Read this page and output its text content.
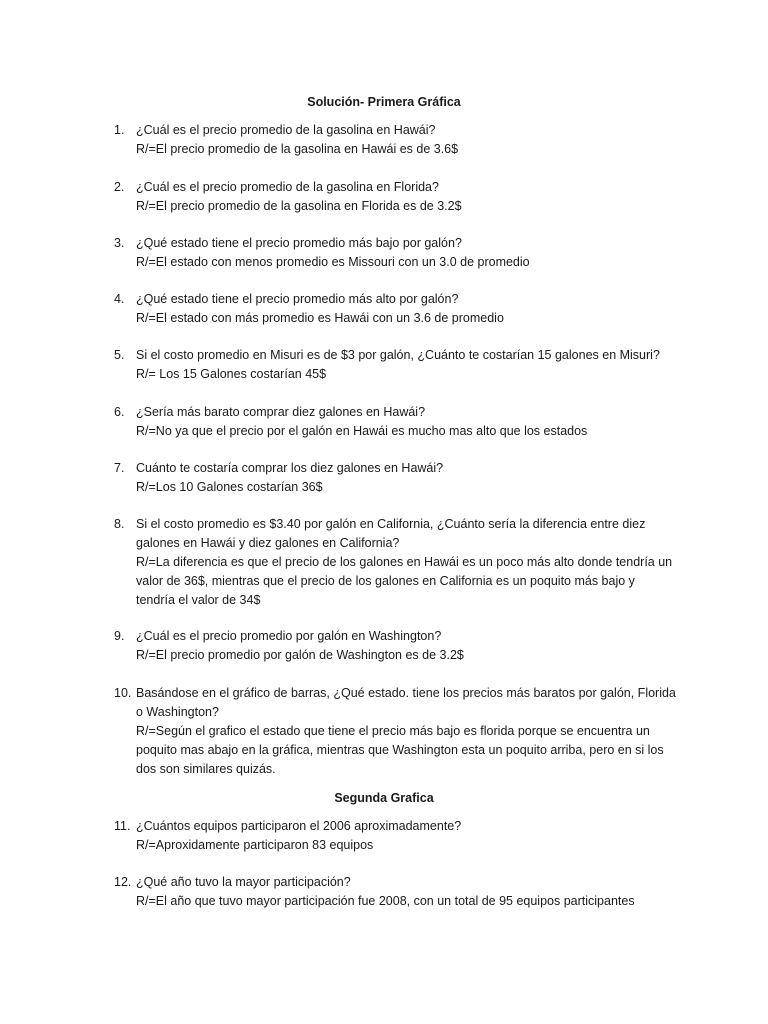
Solución- Primera Gráfica
1. ¿Cuál es el precio promedio de la gasolina en Hawái?
R/=El precio promedio de la gasolina en Hawái es de 3.6$
2. ¿Cuál es el precio promedio de la gasolina en Florida?
R/=El precio promedio de la gasolina en Florida es de 3.2$
3. ¿Qué estado tiene el precio promedio más bajo por galón?
R/=El estado con menos promedio es Missouri con un 3.0 de promedio
4. ¿Qué estado tiene el precio promedio más alto por galón?
R/=El estado con más promedio es Hawái con un 3.6 de promedio
5. Si el costo promedio en Misuri es de $3 por galón, ¿Cuánto te costarían 15 galones en Misuri?
R/= Los 15 Galones costarían 45$
6. ¿Sería más barato comprar diez galones en Hawái?
R/=No ya que el precio por el galón en Hawái es mucho mas alto que los estados
7. Cuánto te costaría comprar los diez galones en Hawái?
R/=Los 10 Galones costarían 36$
8. Si el costo promedio es $3.40 por galón en California, ¿Cuánto sería la diferencia entre diez
galones en Hawái y diez galones en California?
R/=La diferencia es que el precio de los galones en Hawái es un poco más alto donde tendría un
valor de 36$, mientras que el precio de los galones en California es un poquito más bajo y
tendría el valor de 34$
9. ¿Cuál es el precio promedio por galón en Washington?
R/=El precio promedio por galón de Washington es de 3.2$
10. Basándose en el gráfico de barras, ¿Qué estado. tiene los precios más baratos por galón, Florida
o Washington?
R/=Según el grafico el estado que tiene el precio más bajo es florida porque se encuentra un
poquito mas abajo en la gráfica, mientras que Washington esta un poquito arriba, pero en si los
dos son similares quizás.
Segunda Grafica
11. ¿Cuántos equipos participaron el 2006 aproximadamente?
R/=Aproxidamente participaron 83 equipos
12. ¿Qué año tuvo la mayor participación?
R/=El año que tuvo mayor participación fue 2008, con un total de 95 equipos participantes
